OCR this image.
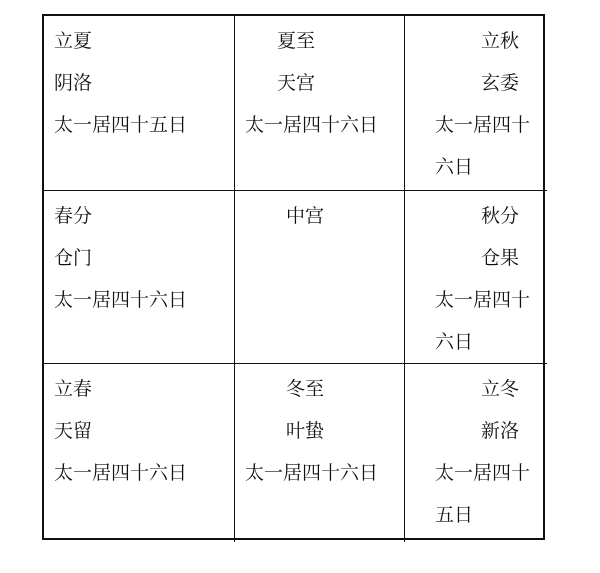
立夏
阴洛
太一居四十五日
夏至
天宫
太一居四十六日
立秋
玄委
太一居四十
六日
春分
仓门
太一居四十六日
中宫	秋分
仓果
太一居四十
六日
立春
天留
太一居四十六日
冬至
叶蛰
太一居四十六日
立冬
新洛
太一居四十
五日
